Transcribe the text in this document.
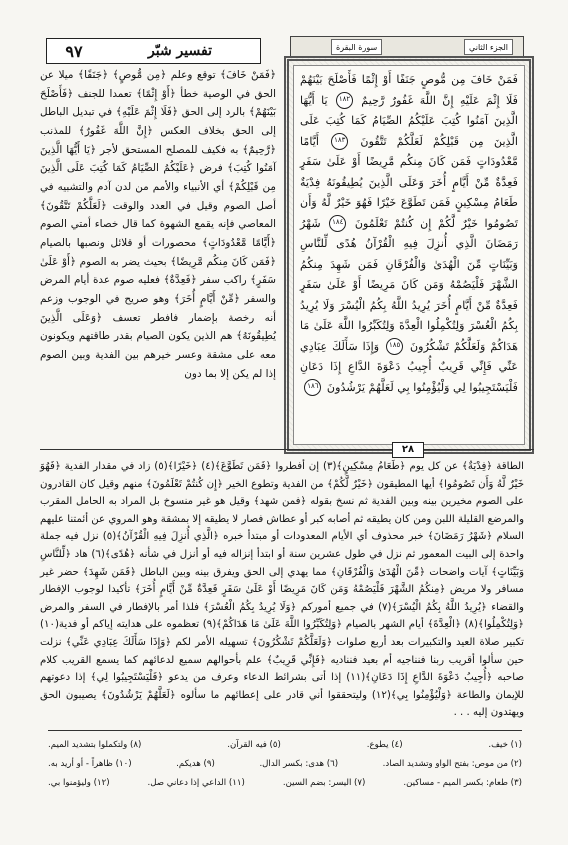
٩٧	تفسير شبّر	سورة البقرة	الجزء الثاني

فَمَنْ خَافَ مِن مُّوصٍ جَنَفًا أَوْ إِثْمًا فَأَصْلَحَ بَيْنَهُمْ فَلَا إِثْمَ عَلَيْهِ إِنَّ اللَّهَ غَفُورٌ رَّحِيمٌ ١٨٢ يَا أَيُّهَا الَّذِينَ آمَنُوا كُتِبَ عَلَيْكُمُ الصِّيَامُ كَمَا كُتِبَ عَلَى الَّذِينَ مِن قَبْلِكُمْ لَعَلَّكُمْ تَتَّقُونَ ١٨٣ أَيَّامًا مَّعْدُودَاتٍ فَمَن كَانَ مِنكُم مَّرِيضًا أَوْ عَلَىٰ سَفَرٍ فَعِدَّةٌ مِّنْ أَيَّامٍ أُخَرَ وَعَلَى الَّذِينَ يُطِيقُونَهُ فِدْيَةٌ طَعَامُ مِسْكِينٍ فَمَن تَطَوَّعَ خَيْرًا فَهُوَ خَيْرٌ لَّهُ وَأَن تَصُومُوا خَيْرٌ لَّكُمْ إِن كُنتُمْ تَعْلَمُونَ ١٨٤ شَهْرُ رَمَضَانَ الَّذِي أُنزِلَ فِيهِ الْقُرْآنُ هُدًى لِّلنَّاسِ وَبَيِّنَاتٍ مِّنَ الْهُدَىٰ وَالْفُرْقَانِ فَمَن شَهِدَ مِنكُمُ الشَّهْرَ فَلْيَصُمْهُ وَمَن كَانَ مَرِيضًا أَوْ عَلَىٰ سَفَرٍ فَعِدَّةٌ مِّنْ أَيَّامٍ أُخَرَ يُرِيدُ اللَّهُ بِكُمُ الْيُسْرَ وَلَا يُرِيدُ بِكُمُ الْعُسْرَ وَلِتُكْمِلُوا الْعِدَّةَ وَلِتُكَبِّرُوا اللَّهَ عَلَىٰ مَا هَدَاكُمْ وَلَعَلَّكُمْ تَشْكُرُونَ ١٨٥ وَإِذَا سَأَلَكَ عِبَادِي عَنِّي فَإِنِّي قَرِيبٌ أُجِيبُ دَعْوَةَ الدَّاعِ إِذَا دَعَانِ فَلْيَسْتَجِيبُوا لِي وَلْيُؤْمِنُوا بِي لَعَلَّهُمْ يَرْشُدُونَ ١٨٦

٢٨

﴿فَمَنْ خَافَ﴾ توقع وعلم ﴿مِن مُّوصٍ﴾ ﴿جَنَفًا﴾ ميلا عن الحق في الوصية خطأ ﴿أَوْ إِثْمًا﴾ تعمدا للجنف ﴿فَأَصْلَحَ بَيْنَهُمْ﴾ بالرد إلى الحق ﴿فَلَا إِثْمَ عَلَيْهِ﴾ في تبديل الباطل إلى الحق بخلاف العكس ﴿إِنَّ اللَّهَ غَفُورٌ﴾ للمذنب ﴿رَّحِيمٌ﴾ به فكيف للمصلح المستحق لأجر ﴿يَا أَيُّهَا الَّذِينَ آمَنُوا كُتِبَ﴾ فرض ﴿عَلَيْكُمُ الصِّيَامُ كَمَا كُتِبَ عَلَى الَّذِينَ مِن قَبْلِكُمْ﴾ أي الأنبياء والأمم من لدن آدم والتشبيه في أصل الصوم وقيل في العدد والوقت ﴿لَعَلَّكُمْ تَتَّقُونَ﴾ المعاصي فإنه يقمع الشهوة كما قال خصاء أمتي الصوم ﴿أَيَّامًا مَّعْدُودَاتٍ﴾ محصورات أو قلائل ونصبها بالصيام ﴿فَمَن كَانَ مِنكُم مَّرِيضًا﴾ بحيث يضر به الصوم ﴿أَوْ عَلَىٰ سَفَرٍ﴾ راكب سفر ﴿فَعِدَّةٌ﴾ فعليه صوم عدة أيام المرض والسفر ﴿مِّنْ أَيَّامٍ أُخَرَ﴾ وهو صريح في الوجوب وزعم أنه رخصة بإضمار فافطر تعسف ﴿وَعَلَى الَّذِينَ يُطِيقُونَهُ﴾ هم الذين يكون الصيام بقدر طاقتهم ويكونون معه على مشقة وعسر خيرهم بين الفدية وبين الصوم إذا لم يكن إلا بما دون

الطاقة ﴿فِدْيَةٌ﴾ عن كل يوم ﴿طَعَامُ مِسْكِينٍ﴾(٣) إن أفطروا ﴿فَمَن تَطَوَّعَ﴾(٤) ﴿خَيْرًا﴾(٥) زاد في مقدار الفدية ﴿فَهُوَ خَيْرٌ لَّهُ وَأَن تَصُومُوا﴾ أيها المطيقون ﴿خَيْرٌ لَّكُمْ﴾ من الفدية وتطوع الخير ﴿إِن كُنتُمْ تَعْلَمُونَ﴾ منهم وقيل كان القادرون على الصوم مخيرين بينه وبين الفدية ثم نسخ بقوله ﴿فمن شهد﴾ وقيل هو غير منسوخ بل المراد به الحامل المقرب والمرضع القليلة اللبن ومن كان يطيقه ثم أصابه كبر أو عطاش فصار لا يطيقه إلا بمشقة وهو المروي عن أئمتنا عليهم السلام ﴿شَهْرُ رَمَضَانَ﴾ خبر محذوف أي الأيام المعدودات أو مبتدأ خبره ﴿الَّذِي أُنزِلَ فِيهِ الْقُرْآنُ﴾(٥) نزل فيه جملة واحدة إلى البيت المعمور ثم نزل في طول عشرين سنة أو ابتدأ إنزاله فيه أو أنزل في شأنه ﴿هُدًى﴾(٦) هاد ﴿لِّلنَّاسِ وَبَيِّنَاتٍ﴾ آيات واضحات ﴿مِّنَ الْهُدَىٰ وَالْفُرْقَانِ﴾ مما يهدي إلى الحق ويفرق بينه وبين الباطل ﴿فَمَن شَهِدَ﴾ حضر غير مسافر ولا مريض ﴿مِنكُمُ الشَّهْرَ فَلْيَصُمْهُ وَمَن كَانَ مَرِيضًا أَوْ عَلَىٰ سَفَرٍ فَعِدَّةٌ مِّنْ أَيَّامٍ أُخَرَ﴾ تأكيدا لوجوب الإفطار والقضاء ﴿يُرِيدُ اللَّهُ بِكُمُ الْيُسْرَ﴾(٧) في جميع أموركم ﴿وَلَا يُرِيدُ بِكُمُ الْعُسْرَ﴾ فلذا أمر بالإفطار في السفر والمرض ﴿وَلِتُكْمِلُوا﴾(٨) ﴿الْعِدَّةَ﴾ أيام الشهر بالصيام ﴿وَلِتُكَبِّرُوا اللَّهَ عَلَىٰ مَا هَدَاكُمْ﴾(٩) تعظموه على هدايته إياكم أو فدية(١٠) تكبير صلاة العيد والتكبيرات بعد أربع صلوات ﴿وَلَعَلَّكُمْ تَشْكُرُونَ﴾ تسهيله الأمر لكم ﴿وَإِذَا سَأَلَكَ عِبَادِي عَنِّي﴾ نزلت حين سألوا أقريب ربنا فنناجيه أم بعيد فنناديه ﴿فَإِنِّي قَرِيبٌ﴾ علم بأحوالهم سميع لدعائهم كما يسمع القريب كلام صاحبه ﴿أُجِيبُ دَعْوَةَ الدَّاعِ إِذَا دَعَانِ﴾(١١) إذا أتى بشرائط الدعاء وعرف من يدعو ﴿فَلْيَسْتَجِيبُوا لِي﴾ إذا دعوتهم للإيمان والطاعة ﴿وَلْيُؤْمِنُوا بِي﴾(١٢) وليتحققوا أني قادر على إعطائهم ما سألوه ﴿لَعَلَّهُمْ يَرْشُدُونَ﴾ يصيبون الحق ويهتدون إليه . . .

(١) خيف.
(٤) يطوع.
(٥) فيه القرآن.
(٨) ولتكملوا بتشديد الميم.
(٢) من موص: بفتح الواو وتشديد الصاد.
(٦) هدى: بكسر الدال.
(٩) هديكم.
(١٠) ظاهراً - أو أريد به.
(٣) طعام: بكسر الميم - مساكين.
(٧) اليسر: بضم السين.
(١١) الداعي إذا دعاني صل.
(١٢) وليؤمنوا بي.
